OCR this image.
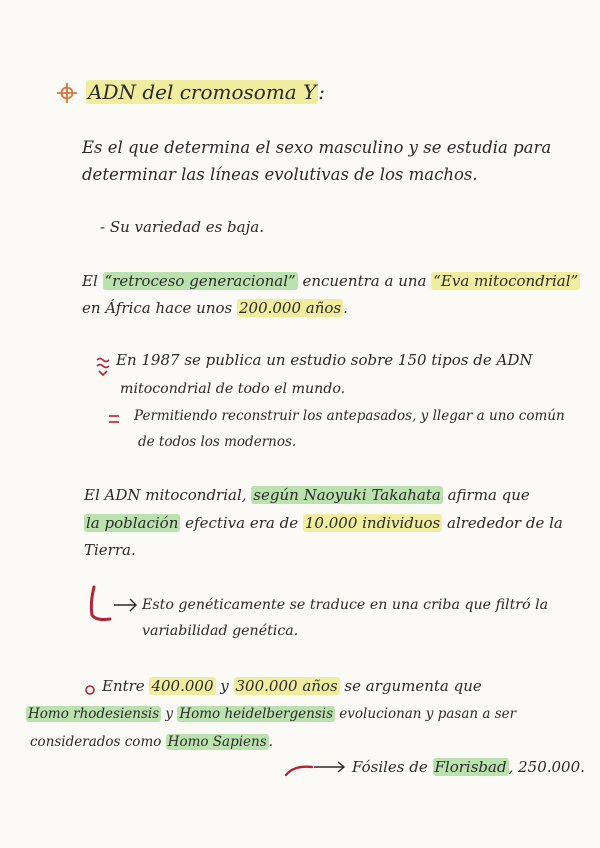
ADN del cromosoma Y :
Es el que determina el sexo masculino y se estudia para
determinar las líneas evolutivas de los machos.
- Su variedad es baja.
El “retroceso generacional” encuentra a una “Eva mitocondrial”
en África hace unos 200.000 años .
En 1987 se publica un estudio sobre 150 tipos de ADN
mitocondrial de todo el mundo.
Permitiendo reconstruir los antepasados, y llegar a uno común
de todos los modernos.
El ADN mitocondrial, según Naoyuki Takahata afirma que
la población efectiva era de 10.000 individuos alrededor de la
Tierra.
Esto genéticamente se traduce en una criba que filtró la
variabilidad genética.
Entre 400.000 y 300.000 años se argumenta que
Homo rhodesiensis y Homo heidelbergensis evolucionan y pasan a ser
considerados como Homo Sapiens .
Fósiles de Florisbad , 250.000.
